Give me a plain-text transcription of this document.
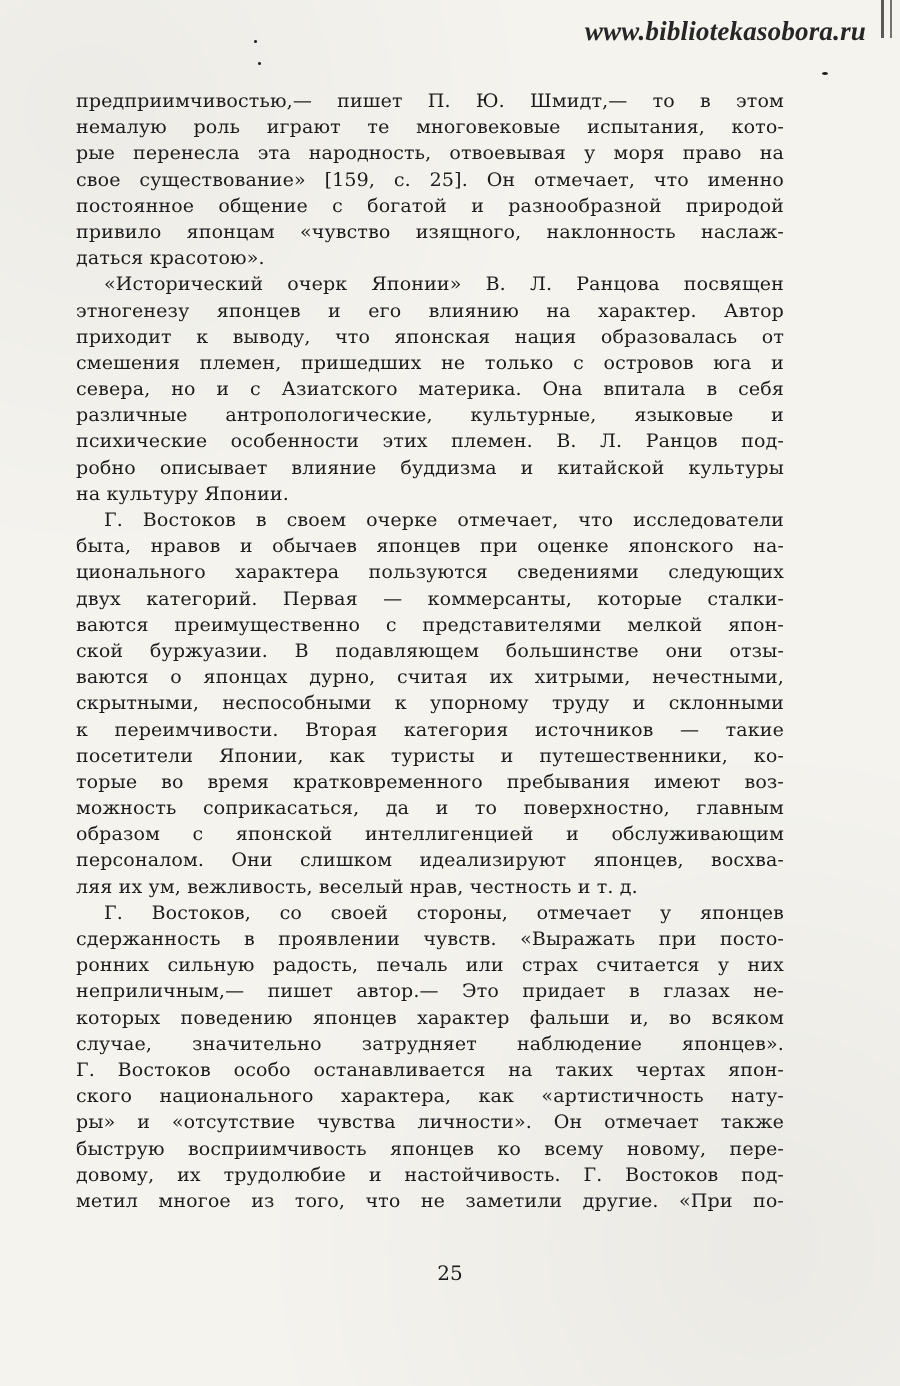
www.bibliotekasobora.ru
предприимчивостью,— пишет П. Ю. Шмидт,— то в этом
немалую роль играют те многовековые испытания, кото-
рые перенесла эта народность, отвоевывая у моря право на
свое существование» [159, с. 25]. Он отмечает, что именно
постоянное общение с богатой и разнообразной природой
привило японцам «чувство изящного, наклонность наслаж-
даться красотою».
«Исторический очерк Японии» В. Л. Ранцова посвящен
этногенезу японцев и его влиянию на характер. Автор
приходит к выводу, что японская нация образовалась от
смешения племен, пришедших не только с островов юга и
севера, но и с Азиатского материка. Она впитала в себя
различные антропологические, культурные, языковые и
психические особенности этих племен. В. Л. Ранцов под-
робно описывает влияние буддизма и китайской культуры
на культуру Японии.
Г. Востоков в своем очерке отмечает, что исследователи
быта, нравов и обычаев японцев при оценке японского на-
ционального характера пользуются сведениями следующих
двух категорий. Первая — коммерсанты, которые сталки-
ваются преимущественно с представителями мелкой япон-
ской буржуазии. В подавляющем большинстве они отзы-
ваются о японцах дурно, считая их хитрыми, нечестными,
скрытными, неспособными к упорному труду и склонными
к переимчивости. Вторая категория источников — такие
посетители Японии, как туристы и путешественники, ко-
торые во время кратковременного пребывания имеют воз-
можность соприкасаться, да и то поверхностно, главным
образом с японской интеллигенцией и обслуживающим
персоналом. Они слишком идеализируют японцев, восхва-
ляя их ум, вежливость, веселый нрав, честность и т. д.
Г. Востоков, со своей стороны, отмечает у японцев
сдержанность в проявлении чувств. «Выражать при посто-
ронних сильную радость, печаль или страх считается у них
неприличным,— пишет автор.— Это придает в глазах не-
которых поведению японцев характер фальши и, во всяком
случае, значительно затрудняет наблюдение японцев».
Г. Востоков особо останавливается на таких чертах япон-
ского национального характера, как «артистичность нату-
ры» и «отсутствие чувства личности». Он отмечает также
быструю восприимчивость японцев ко всему новому, пере-
довому, их трудолюбие и настойчивость. Г. Востоков под-
метил многое из того, что не заметили другие. «При по-
25
